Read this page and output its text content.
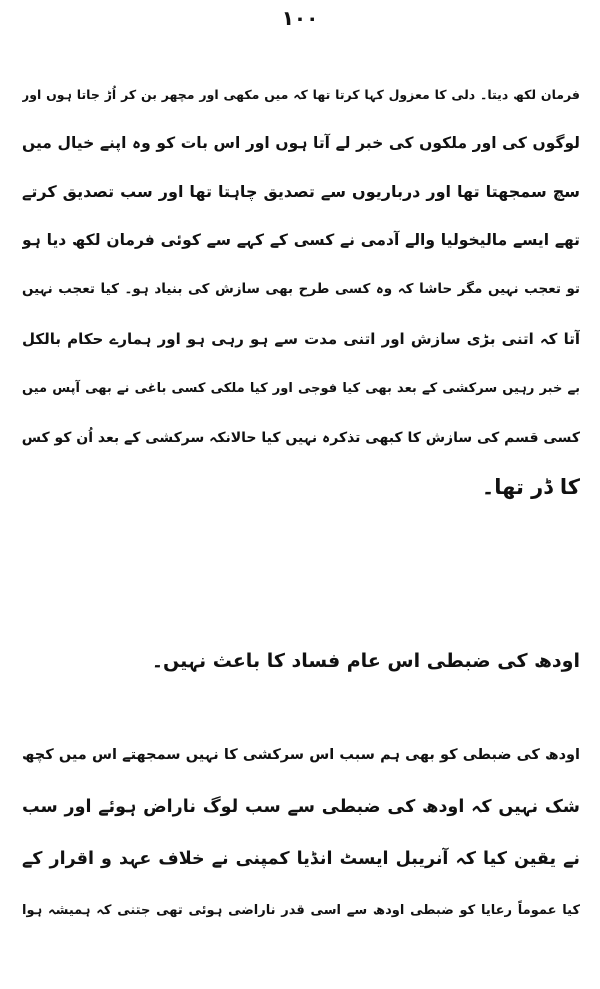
۱۰۰
فرمان لکھ دیتا۔ دلی کا معزول کہا کرتا تھا کہ میں مکھی اور مچھر بن کر اُڑ جاتا ہوں اور
لوگوں کی اور ملکوں کی خبر لے آتا ہوں اور اس بات کو وہ اپنے خیال میں
سچ سمجھتا تھا اور درباریوں سے تصدیق چاہتا تھا اور سب تصدیق کرتے
تھے ایسے مالیخولیا والے آدمی نے کسی کے کہے سے کوئی فرمان لکھ دیا ہو
تو تعجب نہیں مگر حاشا کہ وہ کسی طرح بھی سازش کی بنیاد ہو۔ کیا تعجب نہیں
آتا کہ اتنی بڑی سازش اور اتنی مدت سے ہو رہی ہو اور ہمارے حکام بالکل
بے خبر رہیں سرکشی کے بعد بھی کیا فوجی اور کیا ملکی کسی باغی نے بھی آپس میں
کسی قسم کی سازش کا کبھی تذکرہ نہیں کیا حالانکہ سرکشی کے بعد اُن کو کس
کا ڈر تھا۔
اودھ کی ضبطی اس عام فساد کا باعث نہیں۔
اودھ کی ضبطی کو بھی ہم سبب اس سرکشی کا نہیں سمجھتے اس میں کچھ
شک نہیں کہ اودھ کی ضبطی سے سب لوگ ناراض ہوئے اور سب
نے یقین کیا کہ آنریبل ایسٹ انڈیا کمپنی نے خلاف عہد و اقرار کے
کیا عموماً رعایا کو ضبطی اودھ سے اسی قدر ناراضی ہوئی تھی جتنی کہ ہمیشہ ہوا
